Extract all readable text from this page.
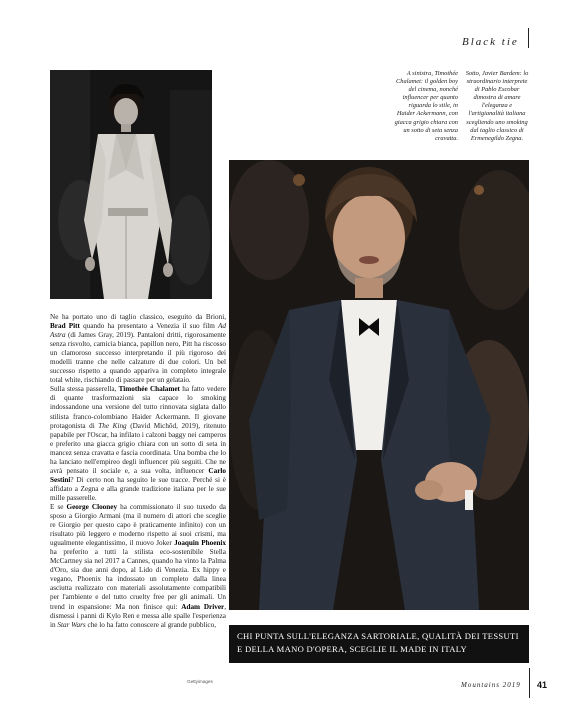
Black tie
A sinistra, Timothée Chalamet: il golden boy del cinema, nonché influencer per quanto riguarda lo stile, in Haider Ackermann, con giacca grigio chiara con un sotto di seta senza cravatta.
Sotto, Javier Bardem: lo straordinario interprete di Pablo Escobar dimostra di amare l'eleganza e l'artigianalità italiana scegliendo uno smoking dal taglio classico di Ermenegildo Zegna.

Ne ha portato uno di taglio classico, eseguito da Brioni, Brad Pitt quando ha presentato a Venezia il suo film Ad Astra (di James Gray, 2019). Pantaloni dritti, rigorosamente senza risvolto, camicia bianca, papillon nero, Pitt ha riscosso un clamoroso successo interpretando il più rigoroso dei modelli tranne che nelle calzature di due colori. Un bel successo rispetto a quando appariva in completo integrale total white, rischiando di passare per un gelataio.

Sulla stessa passerella, Timothée Chalamet ha fatto vedere di quante trasformazioni sia capace lo smoking indossandone una versione del tutto rinnovata siglata dallo stilista franco-colombiano Haider Ackermann. Il giovane protagonista di The King (David Michôd, 2019), ritenuto papabile per l'Oscar, ha infilato i calzoni baggy nei camperos e preferito una giacca grigio chiara con un sotto di seta in mancez senza cravatta e fascia coordinata. Una bomba che lo ha lanciato nell'empireo degli influencer più seguiti. Che ne avrà pensato il sociale e, a sua volta, influencer Carlo Sestini? Di certo non ha seguito le sue tracce. Perché si è affidato a Zegna e alla grande tradizione italiana per le sue mille passerelle.

E se George Clooney ha commissionato il suo tuxedo da sposo a Giorgio Armani (ma il numero di attori che sceglie re Giorgio per questo capo è praticamente infinito) con un risultato più leggero e moderno rispetto ai suoi crismi, ma ugualmente elegantissimo, il nuovo Joker Joaquin Phoenix ha preferito a tutti la stilista eco-sostenibile Stella McCartney sia nel 2017 a Cannes, quando ha vinto la Palma d'Oro, sia due anni dopo, al Lido di Venezia. Ex hippy e vegano, Phoenix ha indossato un completo dalla linea asciutta realizzato con materiali assolutamente compatibili per l'ambiente e del tutto cruelty free per gli animali. Un trend in espansione: Ma non finisce qui: Adam Driver, dismessi i panni di Kylo Ren e messa alle spalle l'esperienza in Star Wars che lo ha fatto conoscere al grande pubblico,

Gettyimages
CHI PUNTA SULL'ELEGANZA SARTORIALE, QUALITÀ DEI TESSUTI E DELLA MANO D'OPERA, SCEGLIE IL MADE IN ITALY
Mountains 2019 41
